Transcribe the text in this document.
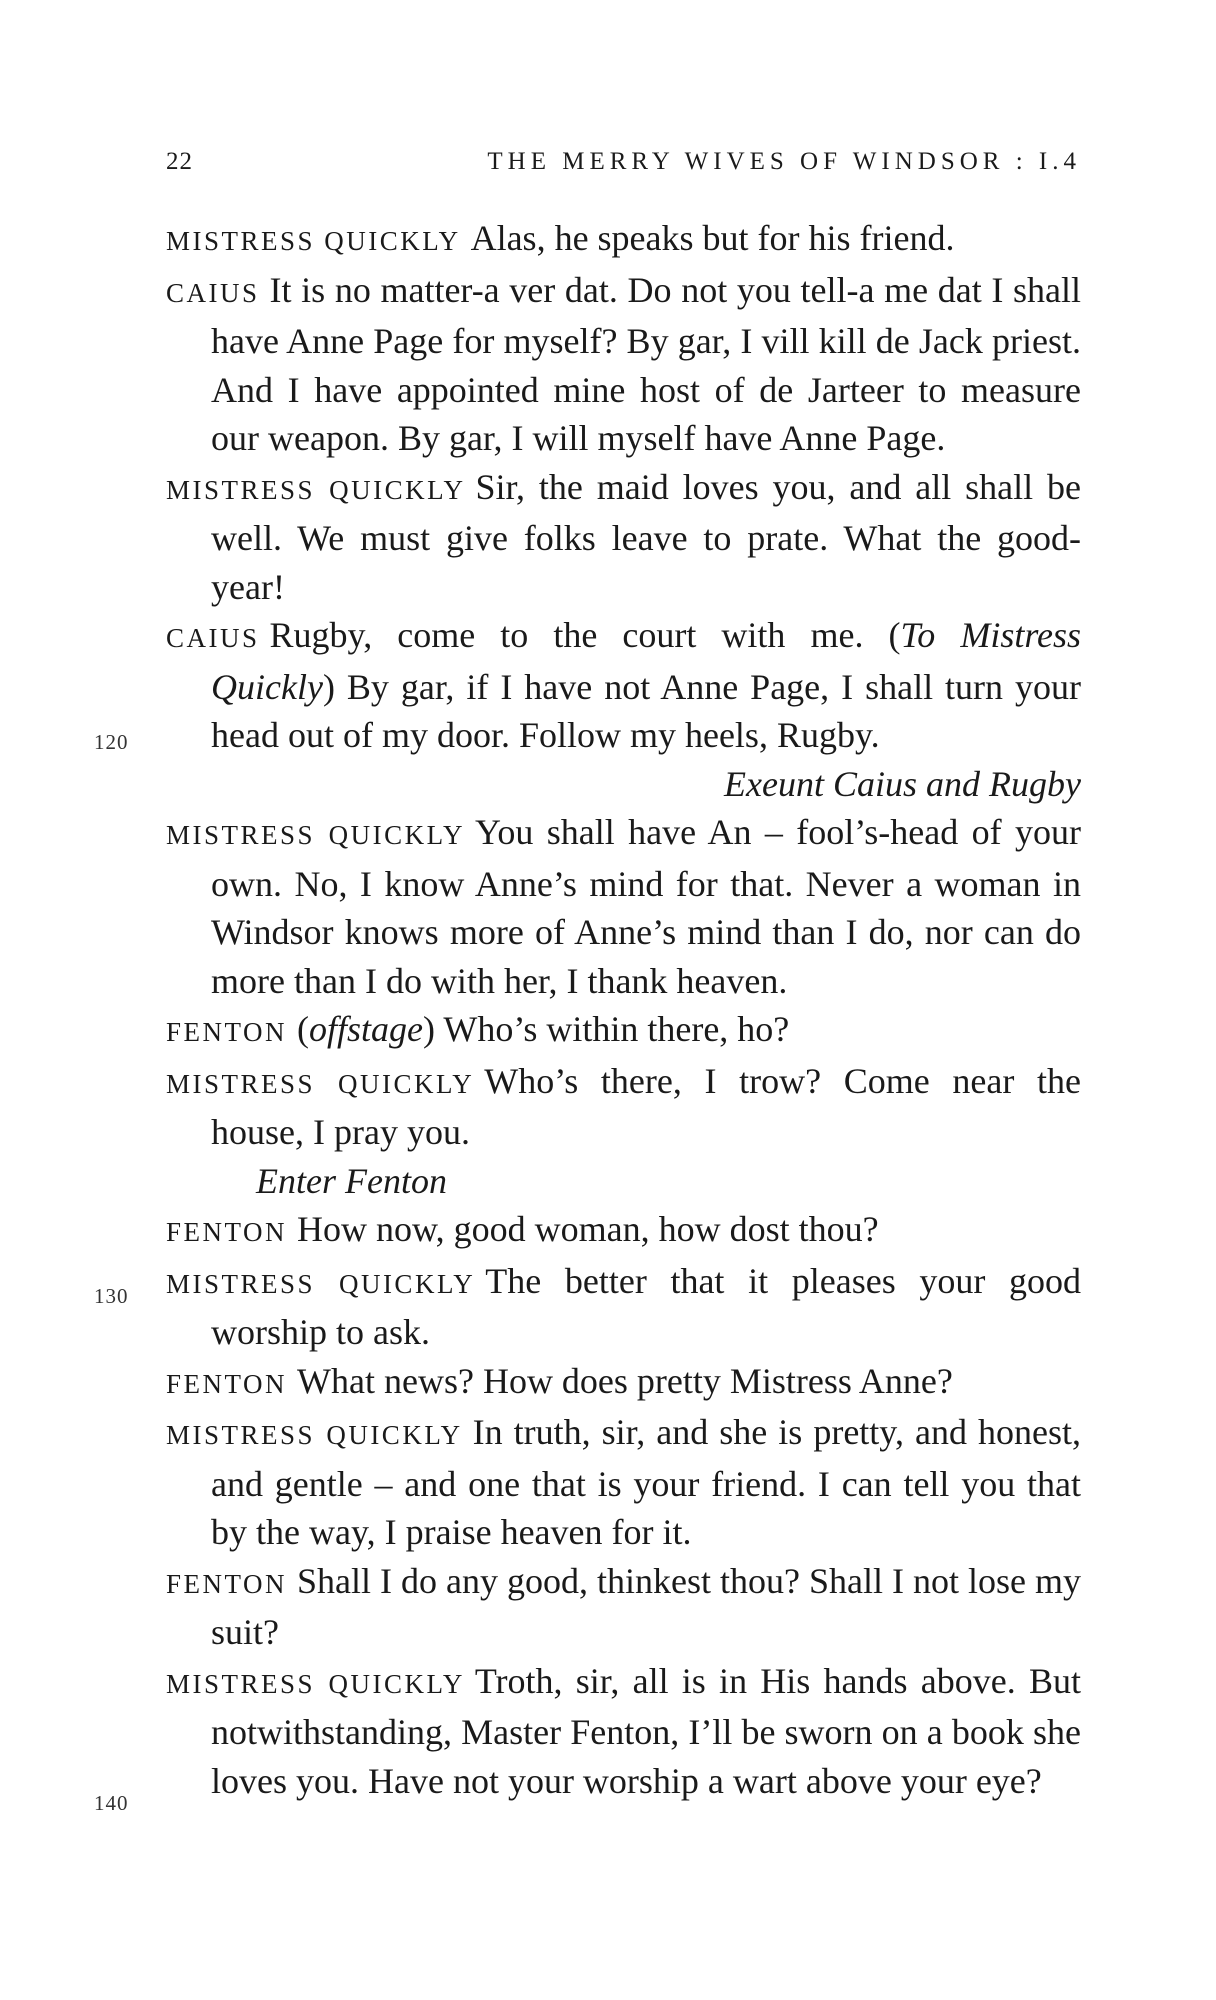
22	THE MERRY WIVES OF WINDSOR : I.4
120
130
140
MISTRESS QUICKLY Alas, he speaks but for his friend.
CAIUS It is no matter-a ver dat. Do not you tell-a me dat I shall have Anne Page for myself? By gar, I vill kill de Jack priest. And I have appointed mine host of de Jarteer to measure our weapon. By gar, I will myself have Anne Page.
MISTRESS QUICKLY Sir, the maid loves you, and all shall be well. We must give folks leave to prate. What the good-year!
CAIUS Rugby, come to the court with me. (To Mistress Quickly) By gar, if I have not Anne Page, I shall turn your head out of my door. Follow my heels, Rugby.
Exeunt Caius and Rugby
MISTRESS QUICKLY You shall have An – fool’s-head of your own. No, I know Anne’s mind for that. Never a woman in Windsor knows more of Anne’s mind than I do, nor can do more than I do with her, I thank heaven.
FENTON (offstage) Who’s within there, ho?
MISTRESS QUICKLY Who’s there, I trow? Come near the house, I pray you.
Enter Fenton
FENTON How now, good woman, how dost thou?
MISTRESS QUICKLY The better that it pleases your good worship to ask.
FENTON What news? How does pretty Mistress Anne?
MISTRESS QUICKLY In truth, sir, and she is pretty, and honest, and gentle – and one that is your friend. I can tell you that by the way, I praise heaven for it.
FENTON Shall I do any good, thinkest thou? Shall I not lose my suit?
MISTRESS QUICKLY Troth, sir, all is in His hands above. But notwithstanding, Master Fenton, I’ll be sworn on a book she loves you. Have not your worship a wart above your eye?
